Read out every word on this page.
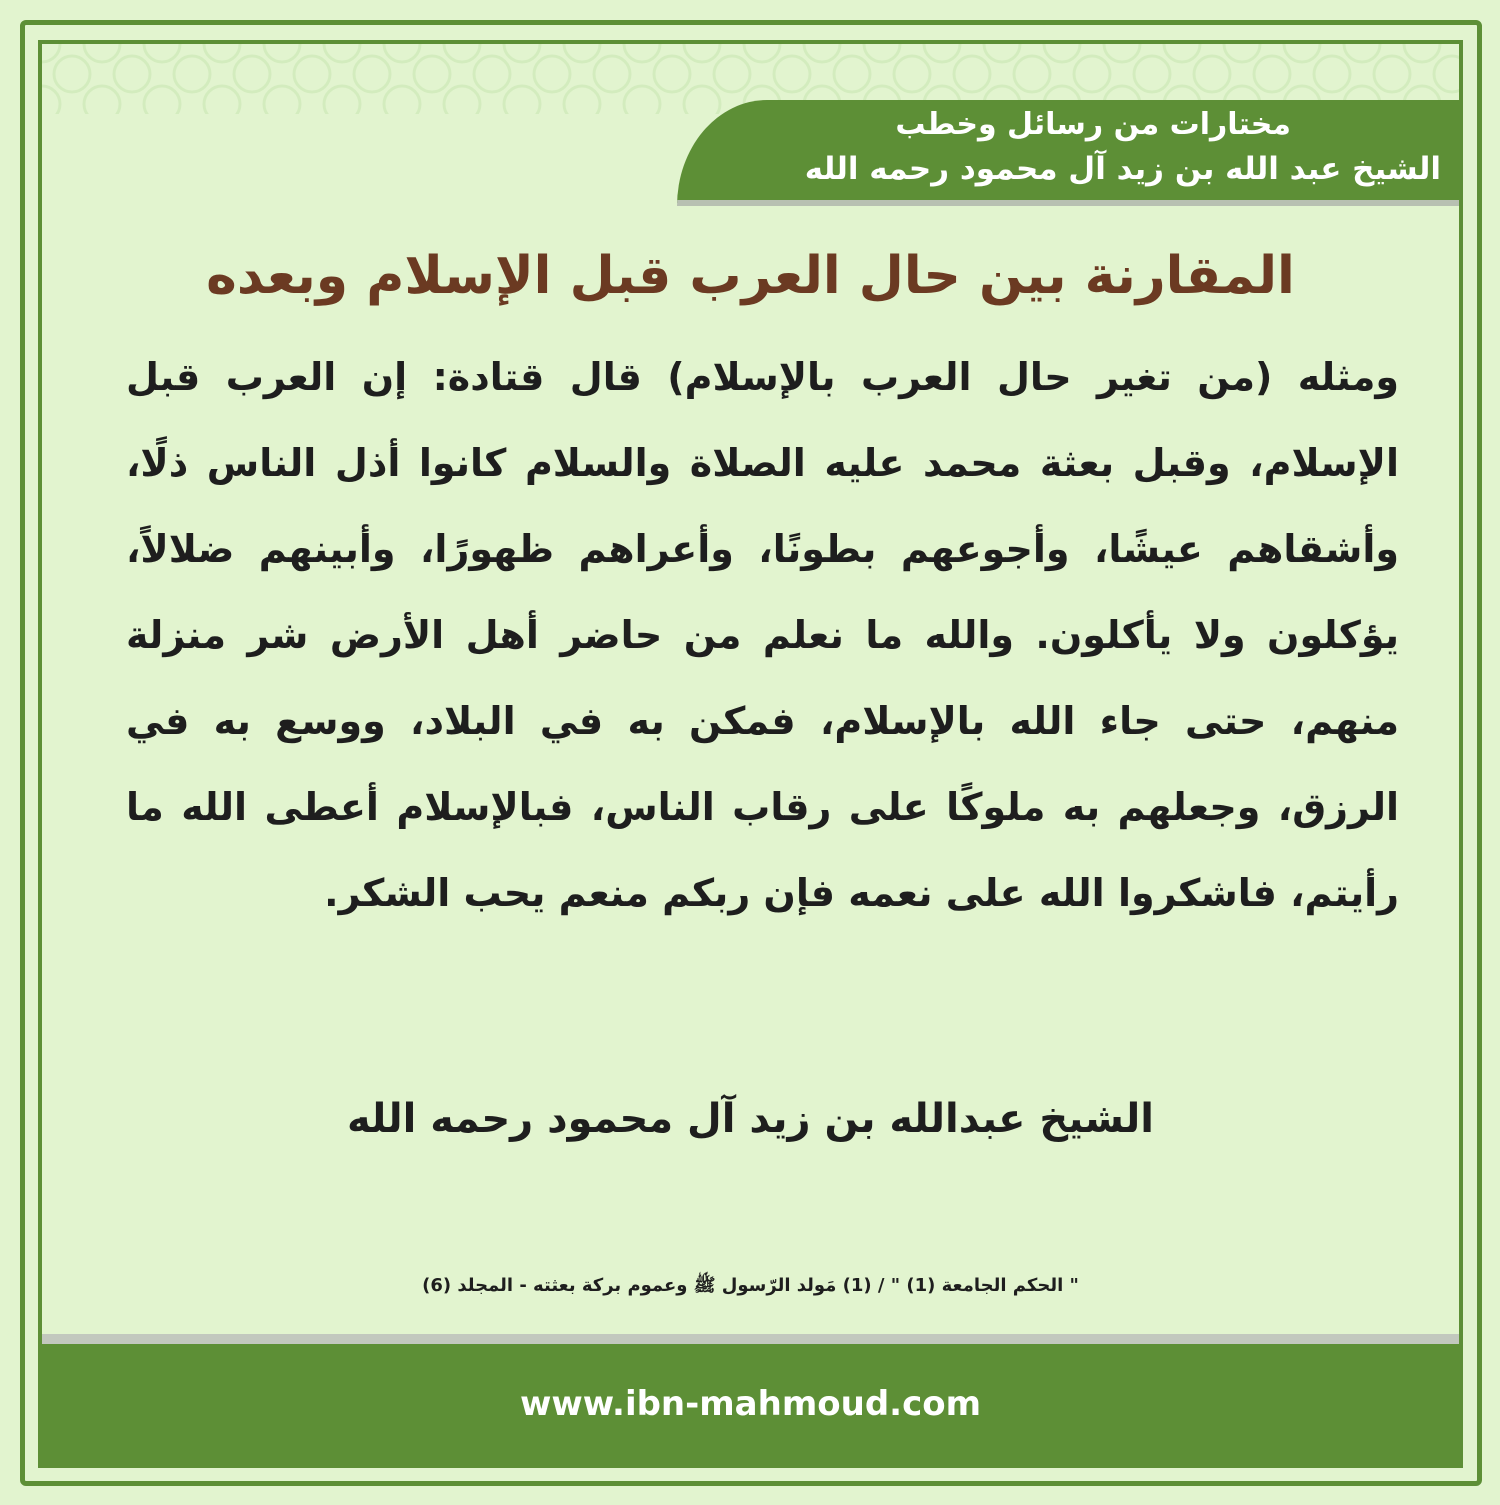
مختارات من رسائل وخطب
الشيخ عبد الله بن زيد آل محمود رحمه الله
المقارنة بين حال العرب قبل الإسلام وبعده
ومثله (من تغير حال العرب بالإسلام) قال قتادة: إن العرب قبل الإسلام، وقبل بعثة محمد عليه الصلاة والسلام كانوا أذل الناس ذلًا، وأشقاهم عيشًا، وأجوعهم بطونًا، وأعراهم ظهورًا، وأبينهم ضلالاً، يؤكلون ولا يأكلون. والله ما نعلم من حاضر أهل الأرض شر منزلة منهم، حتى جاء الله بالإسلام، فمكن به في البلاد، ووسع به في الرزق، وجعلهم به ملوكًا على رقاب الناس، فبالإسلام أعطى الله ما رأيتم، فاشكروا الله على نعمه فإن ربكم منعم يحب الشكر.
الشيخ عبدالله بن زيد آل محمود رحمه الله
" الحكم الجامعة (1) " / (1) مَولد الرّسول ﷺ وعموم بركة بعثته - المجلد (6)
www.ibn-mahmoud.com
